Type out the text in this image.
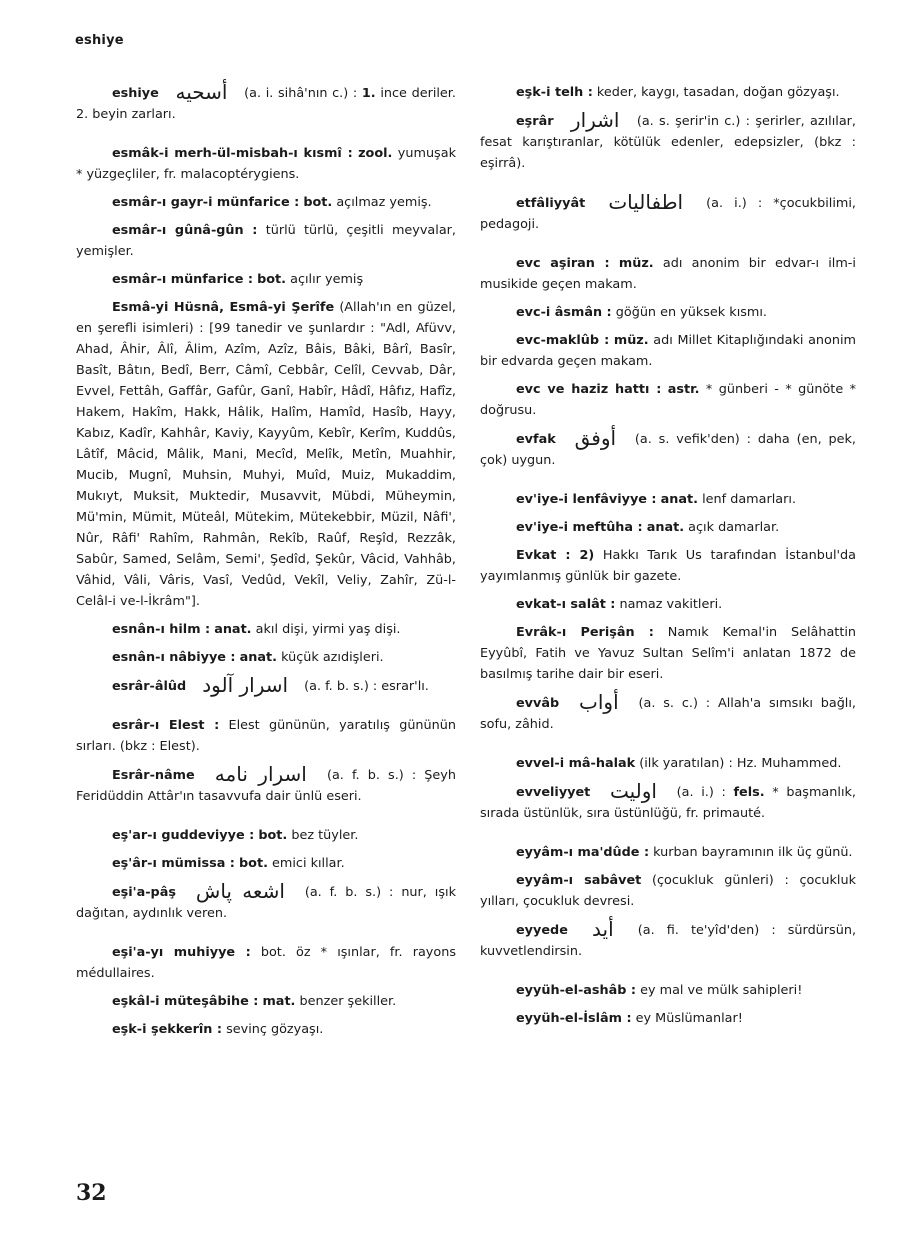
eshiye

eshiye أسحيه (a. i. sihâ'nın c.) : 1. ince deriler. 2. beyin zarları.

esmâk-i merh-ül-misbah-ı kısmî : zool. yumuşak * yüzgeçliler, fr. malacoptérygiens.

esmâr-ı gayr-i münfarice : bot. açılmaz yemiş.

esmâr-ı gûnâ-gûn : türlü türlü, çeşitli meyvalar, yemişler.

esmâr-ı münfarice : bot. açılır yemiş

Esmâ-yi Hüsnâ, Esmâ-yi Şerîfe (Allah'ın en güzel, en şerefli isimleri) : [99 tanedir ve şunlardır : "Adl, Afüvv, Ahad, Âhir, Âlî, Âlim, Azîm, Azîz, Bâis, Bâki, Bârî, Basîr, Basît, Bâtın, Bedî, Berr, Câmî, Cebbâr, Celîl, Cevvab, Dâr, Evvel, Fettâh, Gaffâr, Gafûr, Ganî, Habîr, Hâdî, Hâfız, Hafîz, Hakem, Hakîm, Hakk, Hâlik, Halîm, Hamîd, Hasîb, Hayy, Kabız, Kadîr, Kahhâr, Kaviy, Kayyûm, Kebîr, Kerîm, Kuddûs, Lâtîf, Mâcid, Mâlik, Mani, Mecîd, Melîk, Metîn, Muahhir, Mucib, Mugnî, Muhsin, Muhyi, Muîd, Muiz, Mukaddim, Mukıyt, Muksit, Muktedir, Musavvit, Mübdi, Müheymin, Mü'min, Mümit, Müteâl, Mütekim, Mütekebbir, Müzil, Nâfi', Nûr, Râfi' Rahîm, Rahmân, Rekîb, Raûf, Reşîd, Rezzâk, Sabûr, Samed, Selâm, Semi', Şedîd, Şekûr, Vâcid, Vahhâb, Vâhid, Vâli, Vâris, Vasî, Vedûd, Vekîl, Veliy, Zahîr, Zü-l-Celâl-i ve-l-İkrâm"].

esnân-ı hilm : anat. akıl dişi, yirmi yaş dişi.

esnân-ı nâbiyye : anat. küçük azıdişleri.

esrâr-âlûd اسرار آلود (a. f. b. s.) : esrar'lı.

esrâr-ı Elest : Elest gününün, yaratılış gününün sırları. (bkz : Elest).

Esrâr-nâme اسرار نامه (a. f. b. s.) : Şeyh Feridüddin Attâr'ın tasavvufa dair ünlü eseri.

eş'ar-ı guddeviyye : bot. bez tüyler.

eş'âr-ı mümissa : bot. emici kıllar.

eşi'a-pâş اشعه پاش (a. f. b. s.) : nur, ışık dağıtan, aydınlık veren.

eşi'a-yı muhiyye : bot. öz * ışınlar, fr. rayons médullaires.

eşkâl-i müteşâbihe : mat. benzer şekiller.

eşk-i şekkerîn : sevinç gözyaşı.

eşk-i telh : keder, kaygı, tasadan, doğan gözyaşı.

eşrâr اشرار (a. s. şerir'in c.) : şerirler, azılılar, fesat karıştıranlar, kötülük edenler, edepsizler, (bkz : eşirrâ).

etfâliyyât اطفاليات (a. i.) : *çocukbilimi, pedagoji.

evc aşiran : müz. adı anonim bir edvar-ı ilm-i musikide geçen makam.

evc-i âsmân : göğün en yüksek kısmı.

evc-maklûb : müz. adı Millet Kitaplığındaki anonim bir edvarda geçen makam.

evc ve haziz hattı : astr. * günberi - * günöte * doğrusu.

evfak أوفق (a. s. vefik'den) : daha (en, pek, çok) uygun.

ev'iye-i lenfâviyye : anat. lenf damarları.

ev'iye-i meftûha : anat. açık damarlar.

Evkat : 2) Hakkı Tarık Us tarafından İstanbul'da yayımlanmış günlük bir gazete.

evkat-ı salât : namaz vakitleri.

Evrâk-ı Perişân : Namık Kemal'in Selâhattin Eyyûbî, Fatih ve Yavuz Sultan Selîm'i anlatan 1872 de basılmış tarihe dair bir eseri.

evvâb أواب (a. s. c.) : Allah'a sımsıkı bağlı, sofu, zâhid.

evvel-i mâ-halak (ilk yaratılan) : Hz. Muhammed.

evveliyyet اوليت (a. i.) : fels. * başmanlık, sırada üstünlük, sıra üstünlüğü, fr. primauté.

eyyâm-ı ma'dûde : kurban bayramının ilk üç günü.

eyyâm-ı sabâvet (çocukluk günleri) : çocukluk yılları, çocukluk devresi.

eyyede أيد (a. fi. te'yîd'den) : sürdürsün, kuvvetlendirsin.

eyyüh-el-ashâb : ey mal ve mülk sahipleri!

eyyüh-el-İslâm : ey Müslümanlar!

32
